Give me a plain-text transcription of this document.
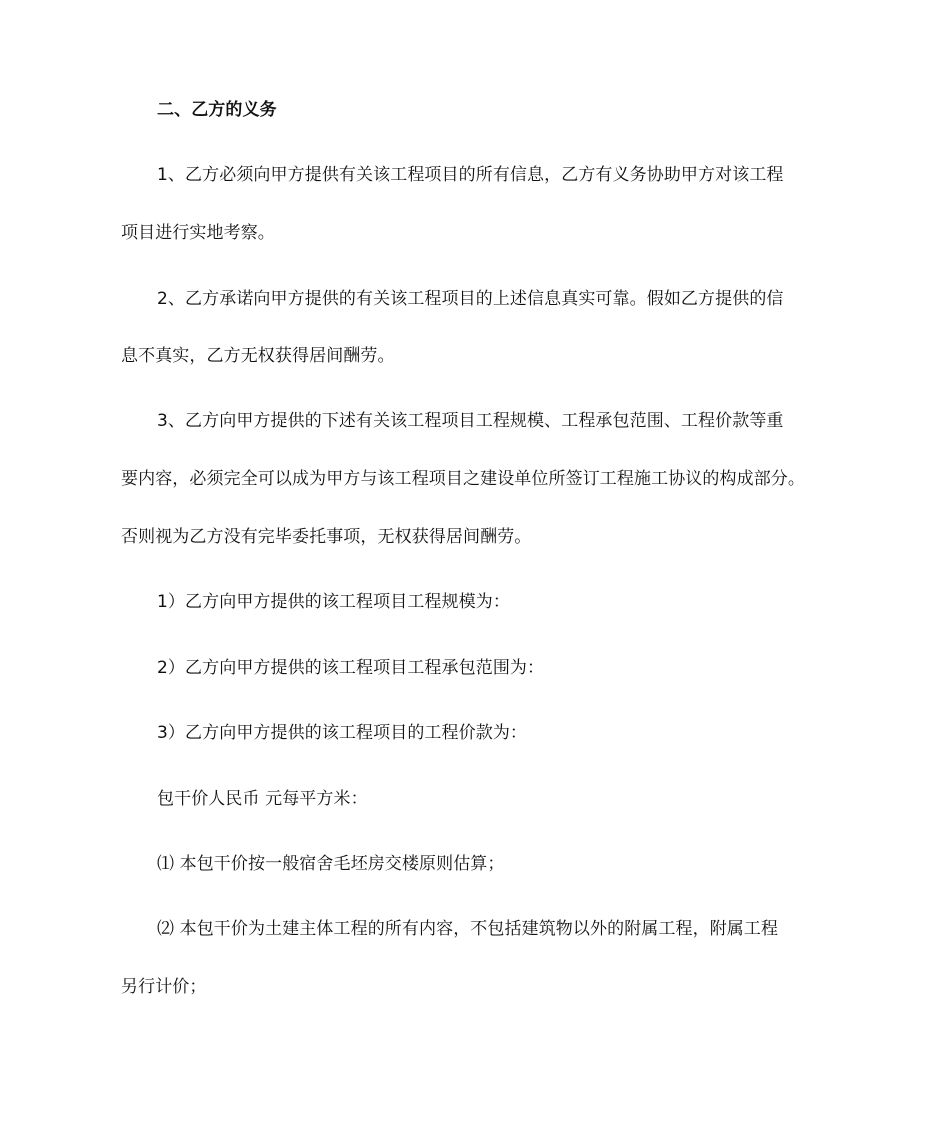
二、乙方的义务
1、乙方必须向甲方提供有关该工程项目的所有信息，乙方有义务协助甲方对该工程
项目进行实地考察。
2、乙方承诺向甲方提供的有关该工程项目的上述信息真实可靠。假如乙方提供的信
息不真实，乙方无权获得居间酬劳。
3、乙方向甲方提供的下述有关该工程项目工程规模、工程承包范围、工程价款等重
要内容，必须完全可以成为甲方与该工程项目之建设单位所签订工程施工协议的构成部分。
否则视为乙方没有完毕委托事项，无权获得居间酬劳。
1）乙方向甲方提供的该工程项目工程规模为：
2）乙方向甲方提供的该工程项目工程承包范围为：
3）乙方向甲方提供的该工程项目的工程价款为：
包干价人民币 元每平方米：
⑴ 本包干价按一般宿舍毛坯房交楼原则估算；
⑵ 本包干价为土建主体工程的所有内容，不包括建筑物以外的附属工程，附属工程
另行计价；
